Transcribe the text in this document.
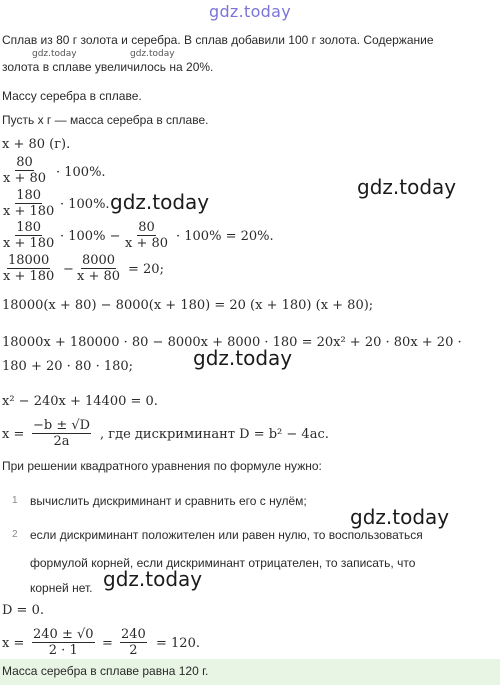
gdz.today
Сплав из 80 г золота и серебра. В сплав добавили 100 г золота. Содержание
gdz.today	gdz.today
золота в сплаве увеличилось на 20%.
Массу серебра в сплаве.
Пусть x г — масса серебра в сплаве.
x + 80 (г).
$\frac{80}{x + 80} \cdot 100\%$.
gdz.today
$\frac{180}{x + 180} \cdot 100\%$. gdz.today
$\frac{180}{x + 180} \cdot 100\% - \frac{80}{x + 80} \cdot 100\% = 20\%$.
$\frac{18000}{x + 180} - \frac{8000}{x + 80} = 20$;
18000(x + 80) − 8000(x + 180) = 20 (x + 180) (x + 80);
18000x + 180000 · 80 − 8000x + 8000 · 180 = 20x² + 20 · 80x + 20 ·
gdz.today
180 + 20 · 80 · 180;
x² − 240x + 14400 = 0.
$x = \frac{-b \pm √D}{2a}$ , где дискриминант D = b² − 4ac.
При решении квадратного уравнения по формуле нужно:
1 вычислить дискриминант и сравнить его с нулём;
gdz.today
2 если дискриминант положителен или равен нулю, то воспользоваться
формулой корней, если дискриминант отрицателен, то записать, что
корней нет. gdz.today
D = 0.
$x = \frac{240 \pm √0}{2 \cdot 1} = \frac{240}{2} = 120$.
Масса серебра в сплаве равна 120 г.
